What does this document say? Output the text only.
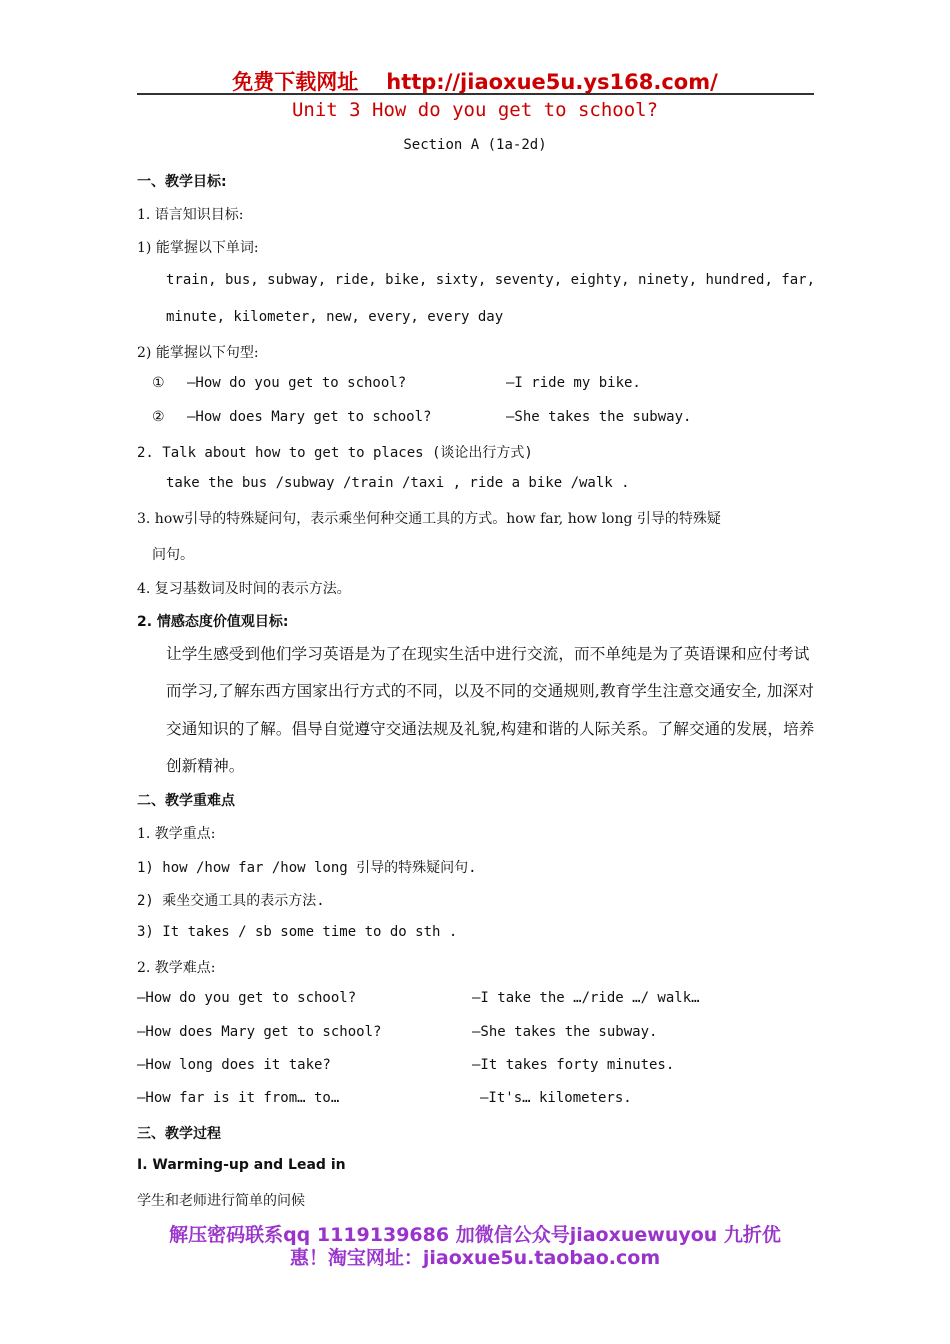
免费下载网址 http://jiaoxue5u.ys168.com/
Unit 3 How do you get to school?
Section A (1a-2d)
一、教学目标:
1. 语言知识目标:
1) 能掌握以下单词:
train, bus, subway, ride, bike, sixty, seventy, eighty, ninety, hundred, far,
minute, kilometer, new, every, every day
2) 能掌握以下句型:
① —How do you get to school?	—I ride my bike.
② —How does Mary get to school?	—She takes the subway.
2. Talk about how to get to places (谈论出行方式)
take the bus /subway /train /taxi , ride a bike /walk .
3. how引导的特殊疑问句，表示乘坐何种交通工具的方式。how far, how long 引导的特殊疑
问句。
4. 复习基数词及时间的表示方法。
2. 情感态度价值观目标:
让学生感受到他们学习英语是为了在现实生活中进行交流，而不单纯是为了英语课和应付考试而学习,了解东西方国家出行方式的不同，以及不同的交通规则,教育学生注意交通安全, 加深对交通知识的了解。倡导自觉遵守交通法规及礼貌,构建和谐的人际关系。了解交通的发展，培养创新精神。
二、教学重难点
1. 教学重点:
1) how /how far /how long 引导的特殊疑问句.
2) 乘坐交通工具的表示方法.
3) It takes / sb some time to do sth .
2. 教学难点:
—How do you get to school?	—I take the …/ride …/ walk…
—How does Mary get to school?	—She takes the subway.
—How long does it take?	—It takes forty minutes.
—How far is it from… to…	—It's… kilometers.
三、教学过程
Ⅰ. Warming-up and Lead in
学生和老师进行简单的问候
解压密码联系qq 1119139686 加微信公众号jiaoxuewuyou 九折优
惠！淘宝网址：jiaoxue5u.taobao.com
